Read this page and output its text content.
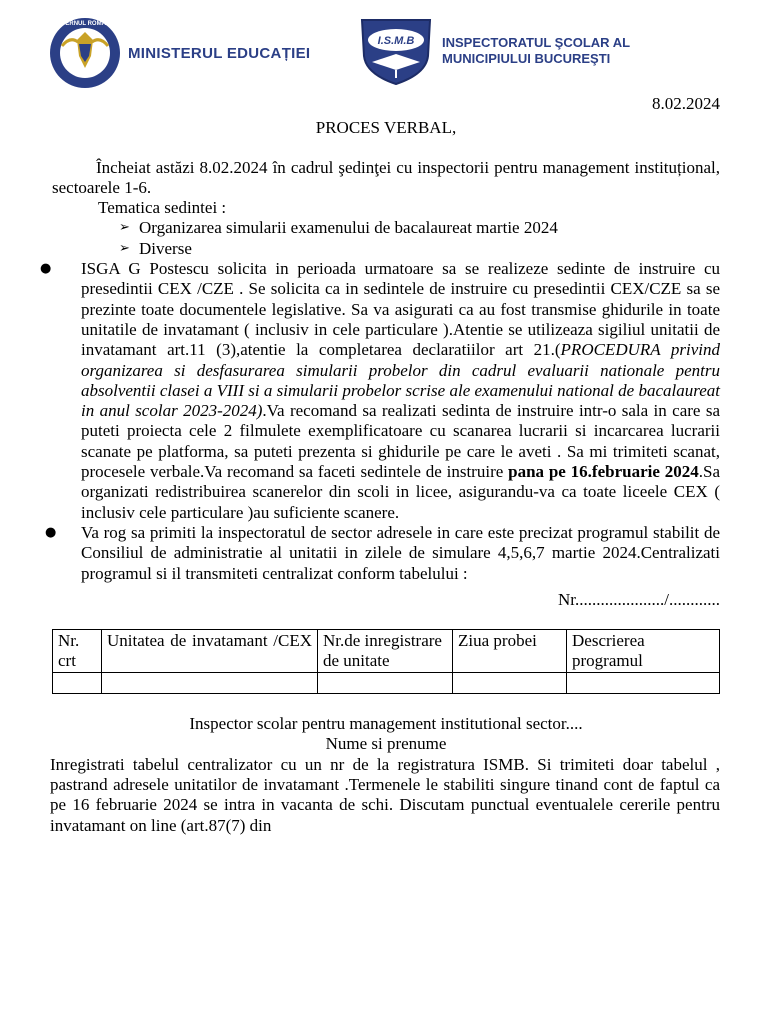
GUVERNUL ROMÂNIEI
MINISTERUL EDUCAȚIEI
I.S.M.B INSPECTORATUL ŞCOLAR AL
MUNICIPIULUI BUCUREŞTI
8.02.2024
PROCES VERBAL,
Încheiat astăzi 8.02.2024 în cadrul şedinţei cu inspectorii pentru management instituțional, sectoarele 1-6.
Tematica sedintei :
➢ Organizarea simularii examenului de bacalaureat martie 2024
➢ Diverse
● ISGA G Postescu solicita in perioada urmatoare sa se realizeze sedinte de instruire cu presedintii CEX /CZE . Se solicita ca in sedintele de instruire cu presedintii CEX/CZE sa se prezinte toate documentele legislative. Sa va asigurati ca au fost transmise ghidurile in toate unitatile de invatamant ( inclusiv in cele particulare ).Atentie se utilizeaza sigiliul unitatii de invatamant art.11 (3),atentie la completarea declaratiilor art 21.(PROCEDURA privind organizarea si desfasurarea simularii probelor din cadrul evaluarii nationale pentru absolventii clasei a VIII si a simularii probelor scrise ale examenului national de bacalaureat in anul scolar 2023-2024).Va recomand sa realizati sedinta de instruire intr-o sala in care sa puteti proiecta cele 2 filmulete exemplificatoare cu scanarea lucrarii si incarcarea lucrarii scanate pe platforma, sa puteti prezenta si ghidurile pe care le aveti . Sa mi trimiteti scanat, procesele verbale.Va recomand sa faceti sedintele de instruire pana pe 16.februarie 2024.Sa organizati redistribuirea scanerelor din scoli in licee, asigurandu-va ca toate liceele CEX ( inclusiv cele particulare )au suficiente scanere.
● Va rog sa primiti la inspectoratul de sector adresele in care este precizat programul stabilit de Consiliul de administratie al unitatii in zilele de simulare 4,5,6,7 martie 2024.Centralizati programul si il transmiteti centralizat conform tabelului :
Nr...................../............
Nr. crt	Unitatea de invatamant /CEX	Nr.de inregistrare de unitate	Ziua probei	Descrierea programul

Inspector scolar pentru management institutional sector....
Nume si prenume
Inregistrati tabelul centralizator cu un nr de la registratura ISMB. Si trimiteti doar tabelul , pastrand adresele unitatilor de invatamant .Termenele le stabiliti singure tinand cont de faptul ca pe 16 februarie 2024 se intra in vacanta de schi. Discutam punctual eventualele cererile pentru invatamant on line (art.87(7) din
